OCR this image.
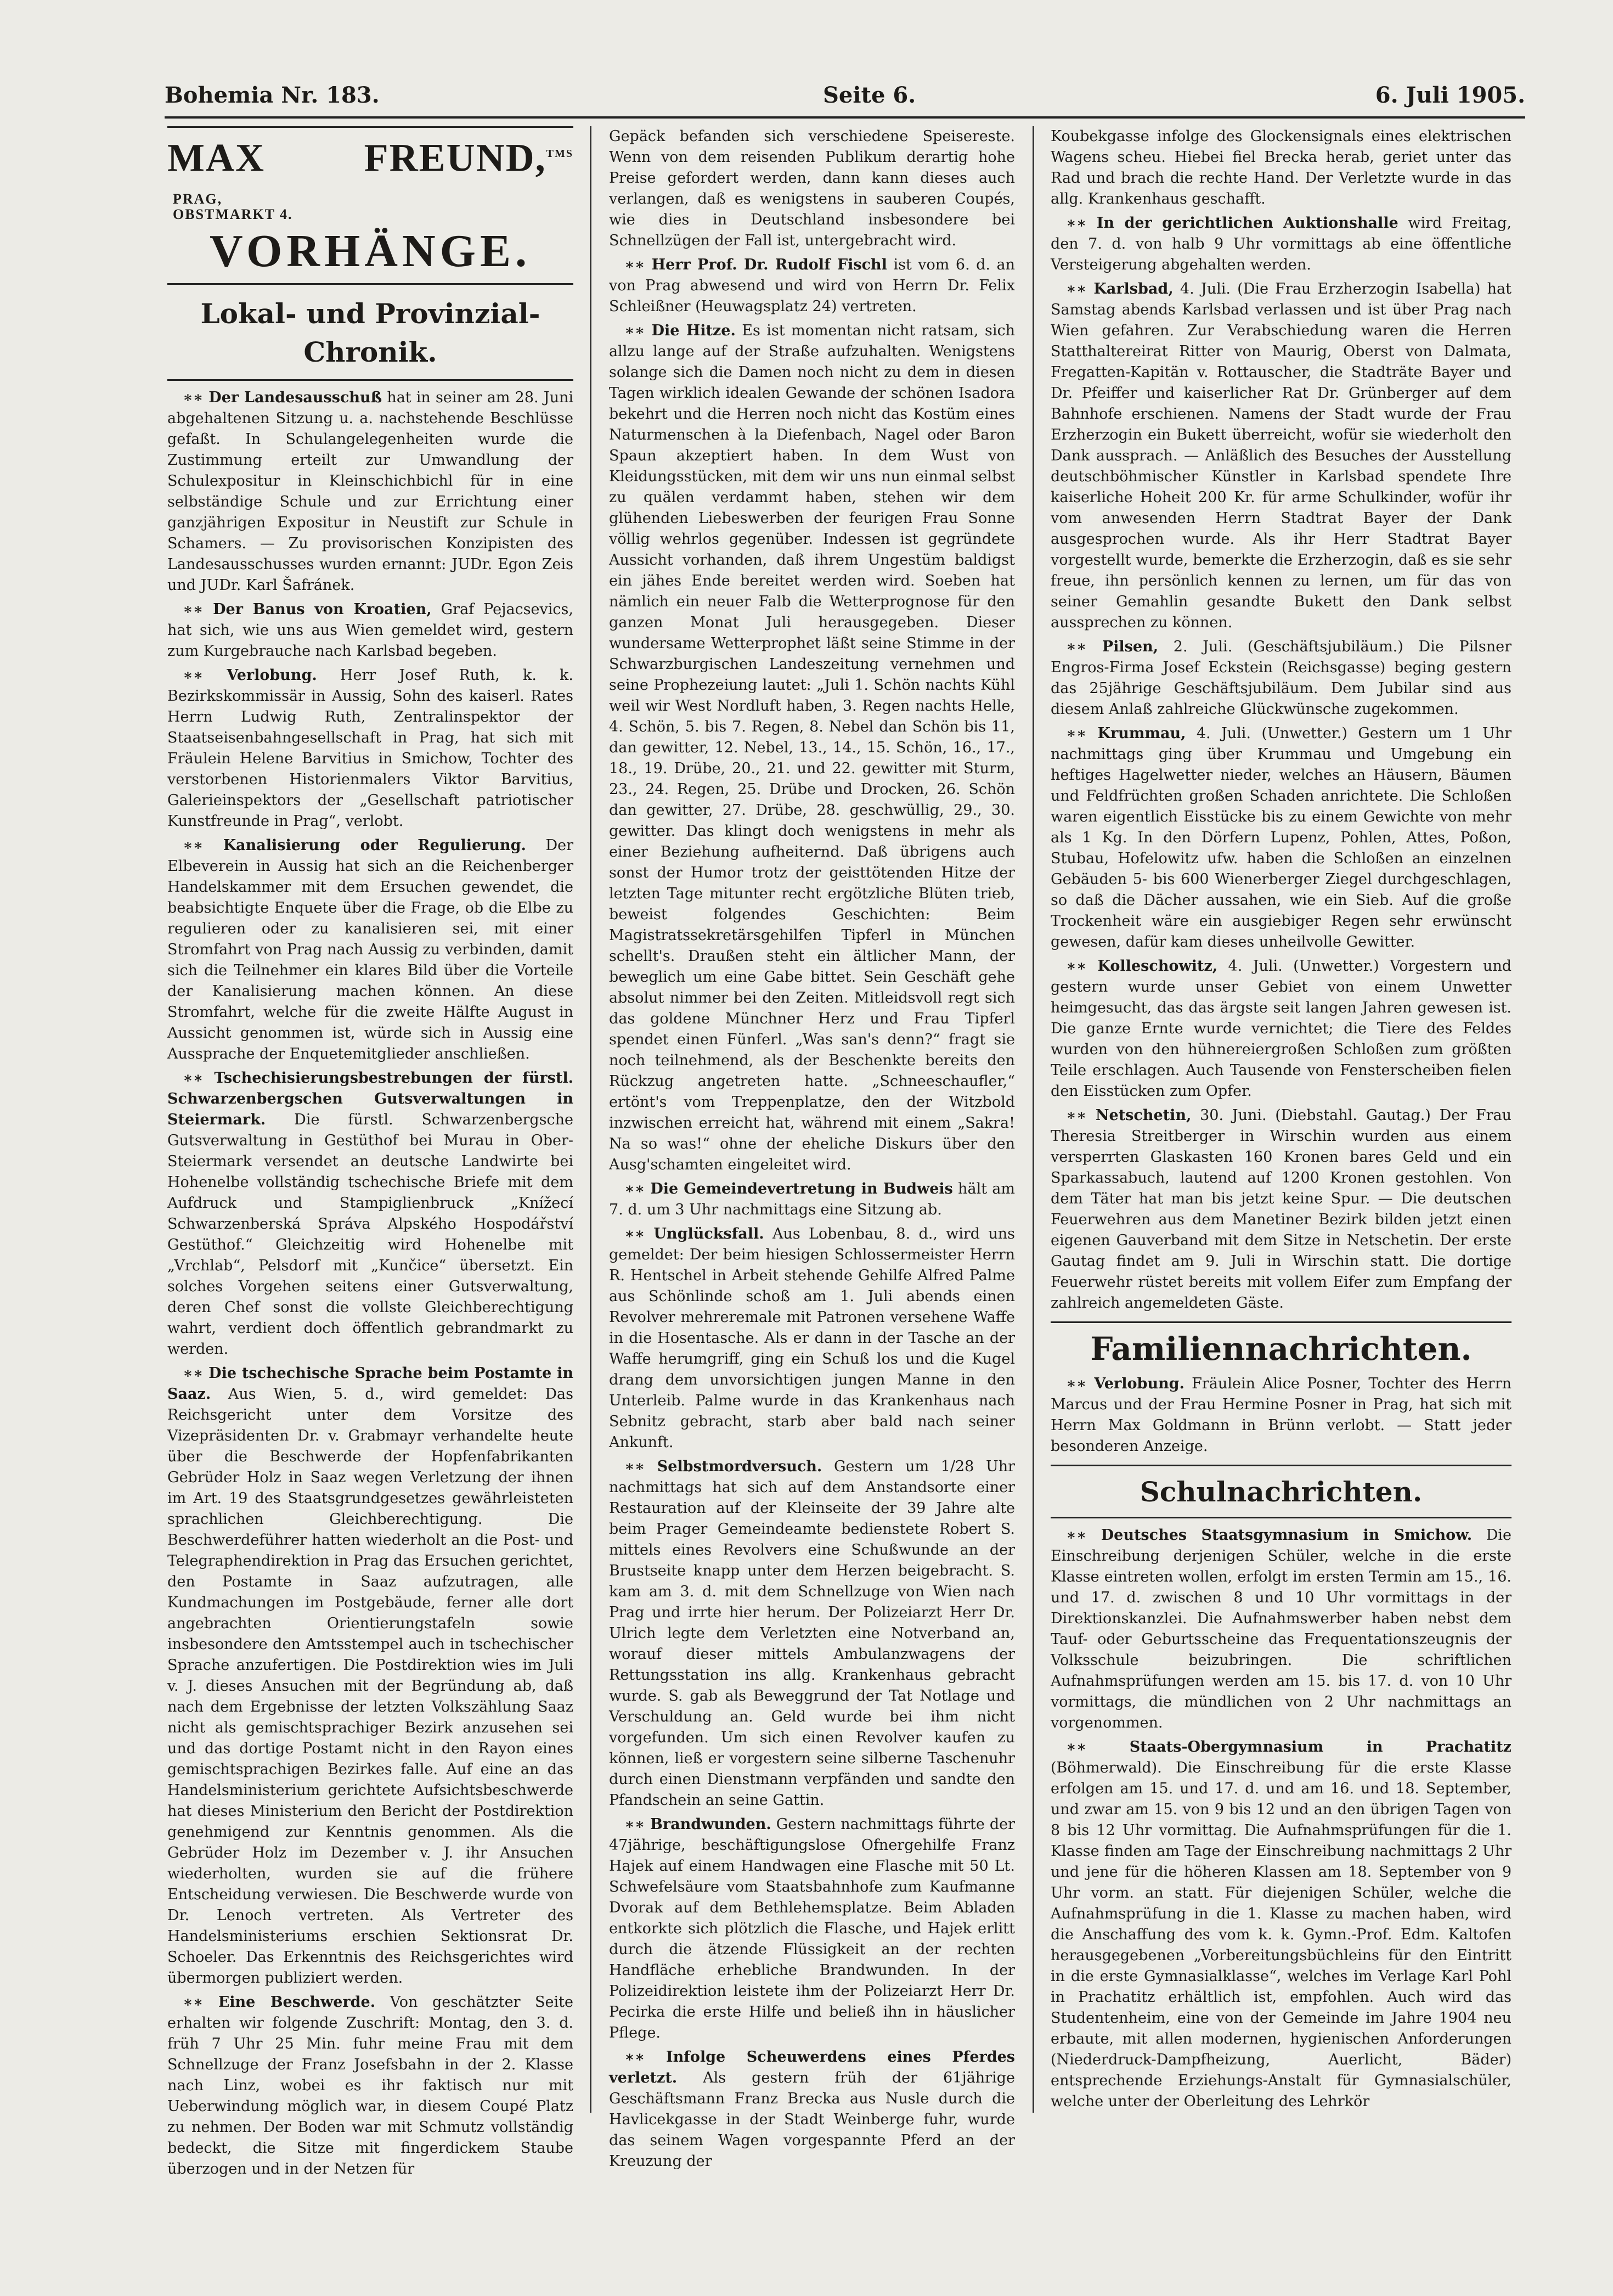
Bohemia Nr. 183.	Seite 6.	6. Juli 1905.
MAX FREUND,$^{TMS}$ PRAG,
OBSTMARKT 4.
VORHÄNGE.
Lokal- und Provinzial-Chronik.

∗∗ Der Landesausschuß hat in seiner am 28. Juni abgehaltenen Sitzung u. a. nachstehende Beschlüsse gefaßt. In Schulangelegenheiten wurde die Zustimmung erteilt zur Umwandlung der Schulexpositur in Kleinschichbichl für in eine selbständige Schule und zur Errichtung einer ganzjährigen Expositur in Neustift zur Schule in Schamers. — Zu provisorischen Konzipisten des Landesausschusses wurden ernannt: JUDr. Egon Zeis und JUDr. Karl Šafránek.

∗∗ Der Banus von Kroatien, Graf Pejacsevics, hat sich, wie uns aus Wien gemeldet wird, gestern zum Kurgebrauche nach Karlsbad begeben.

∗∗ Verlobung. Herr Josef Ruth, k. k. Bezirkskommissär in Aussig, Sohn des kaiserl. Rates Herrn Ludwig Ruth, Zentralinspektor der Staatseisenbahngesellschaft in Prag, hat sich mit Fräulein Helene Barvitius in Smichow, Tochter des verstorbenen Historienmalers Viktor Barvitius, Galerieinspektors der „Gesellschaft patriotischer Kunstfreunde in Prag“, verlobt.

∗∗ Kanalisierung oder Regulierung. Der Elbeverein in Aussig hat sich an die Reichenberger Handelskammer mit dem Ersuchen gewendet, die beabsichtigte Enquete über die Frage, ob die Elbe zu regulieren oder zu kanalisieren sei, mit einer Stromfahrt von Prag nach Aussig zu verbinden, damit sich die Teilnehmer ein klares Bild über die Vorteile der Kanalisierung machen können. An diese Stromfahrt, welche für die zweite Hälfte August in Aussicht genommen ist, würde sich in Aussig eine Aussprache der Enquetemitglieder anschließen.

∗∗ Tschechisierungsbestrebungen der fürstl. Schwarzenbergschen Gutsverwaltungen in Steiermark. Die fürstl. Schwarzenbergsche Gutsverwaltung in Gestüthof bei Murau in Ober-Steiermark versendet an deutsche Landwirte bei Hohenelbe vollständig tschechische Briefe mit dem Aufdruck und Stampiglienbruck „Knížecí Schwarzenberská Správa Alpského Hospodářství Gestüthof.“ Gleichzeitig wird Hohenelbe mit „Vrchlab“, Pelsdorf mit „Kunčice“ übersetzt. Ein solches Vorgehen seitens einer Gutsverwaltung, deren Chef sonst die vollste Gleichberechtigung wahrt, verdient doch öffentlich gebrandmarkt zu werden.

∗∗ Die tschechische Sprache beim Postamte in Saaz. Aus Wien, 5. d., wird gemeldet: Das Reichsgericht unter dem Vorsitze des Vizepräsidenten Dr. v. Grabmayr verhandelte heute über die Beschwerde der Hopfenfabrikanten Gebrüder Holz in Saaz wegen Verletzung der ihnen im Art. 19 des Staatsgrundgesetzes gewährleisteten sprachlichen Gleichberechtigung. Die Beschwerdeführer hatten wiederholt an die Post- und Telegraphendirektion in Prag das Ersuchen gerichtet, den Postamte in Saaz aufzutragen, alle Kundmachungen im Postgebäude, ferner alle dort angebrachten Orientierungstafeln sowie insbesondere den Amtsstempel auch in tschechischer Sprache anzufertigen. Die Postdirektion wies im Juli v. J. dieses Ansuchen mit der Begründung ab, daß nach dem Ergebnisse der letzten Volkszählung Saaz nicht als gemischtsprachiger Bezirk anzusehen sei und das dortige Postamt nicht in den Rayon eines gemischtsprachigen Bezirkes falle. Auf eine an das Handelsministerium gerichtete Aufsichtsbeschwerde hat dieses Ministerium den Bericht der Postdirektion genehmigend zur Kenntnis genommen. Als die Gebrüder Holz im Dezember v. J. ihr Ansuchen wiederholten, wurden sie auf die frühere Entscheidung verwiesen. Die Beschwerde wurde von Dr. Lenoch vertreten. Als Vertreter des Handelsministeriums erschien Sektionsrat Dr. Schoeler. Das Erkenntnis des Reichsgerichtes wird übermorgen publiziert werden.

∗∗ Eine Beschwerde. Von geschätzter Seite erhalten wir folgende Zuschrift: Montag, den 3. d. früh 7 Uhr 25 Min. fuhr meine Frau mit dem Schnellzuge der Franz Josefsbahn in der 2. Klasse nach Linz, wobei es ihr faktisch nur mit Ueberwindung möglich war, in diesem Coupé Platz zu nehmen. Der Boden war mit Schmutz vollständig bedeckt, die Sitze mit fingerdickem Staube überzogen und in der Netzen für

Gepäck befanden sich verschiedene Speisereste. Wenn von dem reisenden Publikum derartig hohe Preise gefordert werden, dann kann dieses auch verlangen, daß es wenigstens in sauberen Coupés, wie dies in Deutschland insbesondere bei Schnellzügen der Fall ist, untergebracht wird.

∗∗ Herr Prof. Dr. Rudolf Fischl ist vom 6. d. an von Prag abwesend und wird von Herrn Dr. Felix Schleißner (Heuwagsplatz 24) vertreten.

∗∗ Die Hitze. Es ist momentan nicht ratsam, sich allzu lange auf der Straße aufzuhalten. Wenigstens solange sich die Damen noch nicht zu dem in diesen Tagen wirklich idealen Gewande der schönen Isadora bekehrt und die Herren noch nicht das Kostüm eines Naturmenschen à la Diefenbach, Nagel oder Baron Spaun akzeptiert haben. In dem Wust von Kleidungsstücken, mit dem wir uns nun einmal selbst zu quälen verdammt haben, stehen wir dem glühenden Liebeswerben der feurigen Frau Sonne völlig wehrlos gegenüber. Indessen ist gegründete Aussicht vorhanden, daß ihrem Ungestüm baldigst ein jähes Ende bereitet werden wird. Soeben hat nämlich ein neuer Falb die Wetterprognose für den ganzen Monat Juli herausgegeben. Dieser wundersame Wetterprophet läßt seine Stimme in der Schwarzburgischen Landeszeitung vernehmen und seine Prophezeiung lautet: „Juli 1. Schön nachts Kühl weil wir West Nordluft haben, 3. Regen nachts Helle, 4. Schön, 5. bis 7. Regen, 8. Nebel dan Schön bis 11, dan gewitter, 12. Nebel, 13., 14., 15. Schön, 16., 17., 18., 19. Drübe, 20., 21. und 22. gewitter mit Sturm, 23., 24. Regen, 25. Drübe und Drocken, 26. Schön dan gewitter, 27. Drübe, 28. geschwüllig, 29., 30. gewitter. Das klingt doch wenigstens in mehr als einer Beziehung aufheiternd. Daß übrigens auch sonst der Humor trotz der geisttötenden Hitze der letzten Tage mitunter recht ergötzliche Blüten trieb, beweist folgendes Geschichten: Beim Magistratssekretärsgehilfen Tipferl in München schellt's. Draußen steht ein ältlicher Mann, der beweglich um eine Gabe bittet. Sein Geschäft gehe absolut nimmer bei den Zeiten. Mitleidsvoll regt sich das goldene Münchner Herz und Frau Tipferl spendet einen Fünferl. „Was san's denn?“ fragt sie noch teilnehmend, als der Beschenkte bereits den Rückzug angetreten hatte. „Schneeschaufler,“ ertönt's vom Treppenplatze, den der Witzbold inzwischen erreicht hat, während mit einem „Sakra! Na so was!“ ohne der eheliche Diskurs über den Ausg'schamten eingeleitet wird.

∗∗ Die Gemeindevertretung in Budweis hält am 7. d. um 3 Uhr nachmittags eine Sitzung ab.

∗∗ Unglücksfall. Aus Lobenbau, 8. d., wird uns gemeldet: Der beim hiesigen Schlossermeister Herrn R. Hentschel in Arbeit stehende Gehilfe Alfred Palme aus Schönlinde schoß am 1. Juli abends einen Revolver mehreremale mit Patronen versehene Waffe in die Hosentasche. Als er dann in der Tasche an der Waffe herumgriff, ging ein Schuß los und die Kugel drang dem unvorsichtigen jungen Manne in den Unterleib. Palme wurde in das Krankenhaus nach Sebnitz gebracht, starb aber bald nach seiner Ankunft.

∗∗ Selbstmordversuch. Gestern um 1/28 Uhr nachmittags hat sich auf dem Anstandsorte einer Restauration auf der Kleinseite der 39 Jahre alte beim Prager Gemeindeamte bedienstete Robert S. mittels eines Revolvers eine Schußwunde an der Brustseite knapp unter dem Herzen beigebracht. S. kam am 3. d. mit dem Schnellzuge von Wien nach Prag und irrte hier herum. Der Polizeiarzt Herr Dr. Ulrich legte dem Verletzten eine Notverband an, worauf dieser mittels Ambulanzwagens der Rettungsstation ins allg. Krankenhaus gebracht wurde. S. gab als Beweggrund der Tat Notlage und Verschuldung an. Geld wurde bei ihm nicht vorgefunden. Um sich einen Revolver kaufen zu können, ließ er vorgestern seine silberne Taschenuhr durch einen Dienstmann verpfänden und sandte den Pfandschein an seine Gattin.

∗∗ Brandwunden. Gestern nachmittags führte der 47jährige, beschäftigungslose Ofnergehilfe Franz Hajek auf einem Handwagen eine Flasche mit 50 Lt. Schwefelsäure vom Staatsbahnhofe zum Kaufmanne Dvorak auf dem Bethlehemsplatze. Beim Abladen entkorkte sich plötzlich die Flasche, und Hajek erlitt durch die ätzende Flüssigkeit an der rechten Handfläche erhebliche Brandwunden. In der Polizeidirektion leistete ihm der Polizeiarzt Herr Dr. Pecirka die erste Hilfe und beließ ihn in häuslicher Pflege.

∗∗ Infolge Scheuwerdens eines Pferdes verletzt. Als gestern früh der 61jährige Geschäftsmann Franz Brecka aus Nusle durch die Havlicekgasse in der Stadt Weinberge fuhr, wurde das seinem Wagen vorgespannte Pferd an der Kreuzung der

Koubekgasse infolge des Glockensignals eines elektrischen Wagens scheu. Hiebei fiel Brecka herab, geriet unter das Rad und brach die rechte Hand. Der Verletzte wurde in das allg. Krankenhaus geschafft.

∗∗ In der gerichtlichen Auktionshalle wird Freitag, den 7. d. von halb 9 Uhr vormittags ab eine öffentliche Versteigerung abgehalten werden.

∗∗ Karlsbad, 4. Juli. (Die Frau Erzherzogin Isabella) hat Samstag abends Karlsbad verlassen und ist über Prag nach Wien gefahren. Zur Verabschiedung waren die Herren Statthaltereirat Ritter von Maurig, Oberst von Dalmata, Fregatten-Kapitän v. Rottauscher, die Stadträte Bayer und Dr. Pfeiffer und kaiserlicher Rat Dr. Grünberger auf dem Bahnhofe erschienen. Namens der Stadt wurde der Frau Erzherzogin ein Bukett überreicht, wofür sie wiederholt den Dank aussprach. — Anläßlich des Besuches der Ausstellung deutschböhmischer Künstler in Karlsbad spendete Ihre kaiserliche Hoheit 200 Kr. für arme Schulkinder, wofür ihr vom anwesenden Herrn Stadtrat Bayer der Dank ausgesprochen wurde. Als ihr Herr Stadtrat Bayer vorgestellt wurde, bemerkte die Erzherzogin, daß es sie sehr freue, ihn persönlich kennen zu lernen, um für das von seiner Gemahlin gesandte Bukett den Dank selbst aussprechen zu können.

∗∗ Pilsen, 2. Juli. (Geschäftsjubiläum.) Die Pilsner Engros-Firma Josef Eckstein (Reichsgasse) beging gestern das 25jährige Geschäftsjubiläum. Dem Jubilar sind aus diesem Anlaß zahlreiche Glückwünsche zugekommen.

∗∗ Krummau, 4. Juli. (Unwetter.) Gestern um 1 Uhr nachmittags ging über Krummau und Umgebung ein heftiges Hagelwetter nieder, welches an Häusern, Bäumen und Feldfrüchten großen Schaden anrichtete. Die Schloßen waren eigentlich Eisstücke bis zu einem Gewichte von mehr als 1 Kg. In den Dörfern Lupenz, Pohlen, Attes, Poßon, Stubau, Hofelowitz ufw. haben die Schloßen an einzelnen Gebäuden 5- bis 600 Wienerberger Ziegel durchgeschlagen, so daß die Dächer aussahen, wie ein Sieb. Auf die große Trockenheit wäre ein ausgiebiger Regen sehr erwünscht gewesen, dafür kam dieses unheilvolle Gewitter.

∗∗ Kolleschowitz, 4. Juli. (Unwetter.) Vorgestern und gestern wurde unser Gebiet von einem Unwetter heimgesucht, das das ärgste seit langen Jahren gewesen ist. Die ganze Ernte wurde vernichtet; die Tiere des Feldes wurden von den hühnereiergroßen Schloßen zum größten Teile erschlagen. Auch Tausende von Fensterscheiben fielen den Eisstücken zum Opfer.

∗∗ Netschetin, 30. Juni. (Diebstahl. Gautag.) Der Frau Theresia Streitberger in Wirschin wurden aus einem versperrten Glaskasten 160 Kronen bares Geld und ein Sparkassabuch, lautend auf 1200 Kronen gestohlen. Von dem Täter hat man bis jetzt keine Spur. — Die deutschen Feuerwehren aus dem Manetiner Bezirk bilden jetzt einen eigenen Gauverband mit dem Sitze in Netschetin. Der erste Gautag findet am 9. Juli in Wirschin statt. Die dortige Feuerwehr rüstet bereits mit vollem Eifer zum Empfang der zahlreich angemeldeten Gäste.

Familiennachrichten.

∗∗ Verlobung. Fräulein Alice Posner, Tochter des Herrn Marcus und der Frau Hermine Posner in Prag, hat sich mit Herrn Max Goldmann in Brünn verlobt. — Statt jeder besonderen Anzeige.

Schulnachrichten.

∗∗ Deutsches Staatsgymnasium in Smichow. Die Einschreibung derjenigen Schüler, welche in die erste Klasse eintreten wollen, erfolgt im ersten Termin am 15., 16. und 17. d. zwischen 8 und 10 Uhr vormittags in der Direktionskanzlei. Die Aufnahmswerber haben nebst dem Tauf- oder Geburtsscheine das Frequentationszeugnis der Volksschule beizubringen. Die schriftlichen Aufnahmsprüfungen werden am 15. bis 17. d. von 10 Uhr vormittags, die mündlichen von 2 Uhr nachmittags an vorgenommen.

∗∗ Staats-Obergymnasium in Prachatitz (Böhmerwald). Die Einschreibung für die erste Klasse erfolgen am 15. und 17. d. und am 16. und 18. September, und zwar am 15. von 9 bis 12 und an den übrigen Tagen von 8 bis 12 Uhr vormittag. Die Aufnahmsprüfungen für die 1. Klasse finden am Tage der Einschreibung nachmittags 2 Uhr und jene für die höheren Klassen am 18. September von 9 Uhr vorm. an statt. Für diejenigen Schüler, welche die Aufnahmsprüfung in die 1. Klasse zu machen haben, wird die Anschaffung des vom k. k. Gymn.-Prof. Edm. Kaltofen herausgegebenen „Vorbereitungsbüchleins für den Eintritt in die erste Gymnasialklasse“, welches im Verlage Karl Pohl in Prachatitz erhältlich ist, empfohlen. Auch wird das Studentenheim, eine von der Gemeinde im Jahre 1904 neu erbaute, mit allen modernen, hygienischen Anforderungen (Niederdruck-Dampfheizung, Auerlicht, Bäder) entsprechende Erziehungs-Anstalt für Gymnasialschüler, welche unter der Oberleitung des Lehrkör
